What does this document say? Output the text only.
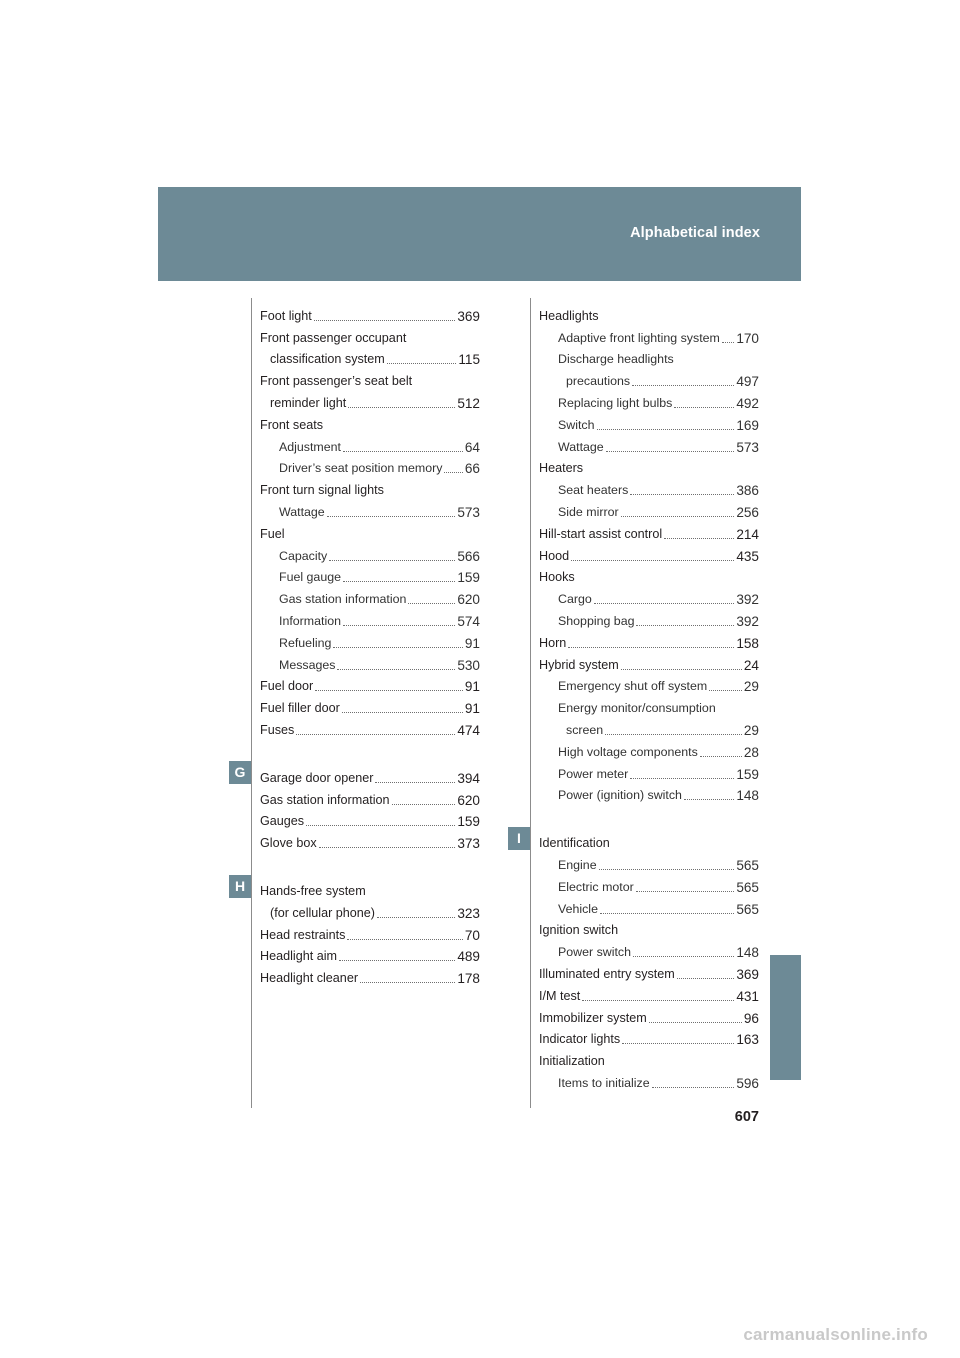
Alphabetical index
G
H
I
Foot light	369
Front passenger occupant
classification system	115
Front passenger’s seat belt
reminder light	512
Front seats
Adjustment	64
Driver’s seat position memory 66
Front turn signal lights
Wattage	573
Fuel
Capacity	566
Fuel gauge	159
Gas station information	620
Information	574
Refueling	91
Messages	530
Fuel door	91
Fuel filler door	91
Fuses	474
Garage door opener	394
Gas station information	620
Gauges	159
Glove box	373
Hands-free system
(for cellular phone)	323
Head restraints	70
Headlight aim	489
Headlight cleaner	178
Headlights
Adaptive front lighting system 170
Discharge headlights
precautions	497
Replacing light bulbs	492
Switch	169
Wattage	573
Heaters
Seat heaters	386
Side mirror	256
Hill-start assist control	214
Hood	435
Hooks
Cargo	392
Shopping bag	392
Horn	158
Hybrid system	24
Emergency shut off system	29
Energy monitor/consumption
screen	29
High voltage components	28
Power meter	159
Power (ignition) switch	148
Identification
Engine	565
Electric motor	565
Vehicle	565
Ignition switch
Power switch	148
Illuminated entry system	369
I/M test	431
Immobilizer system	96
Indicator lights	163
Initialization
Items to initialize	596
607
carmanualsonline.info
